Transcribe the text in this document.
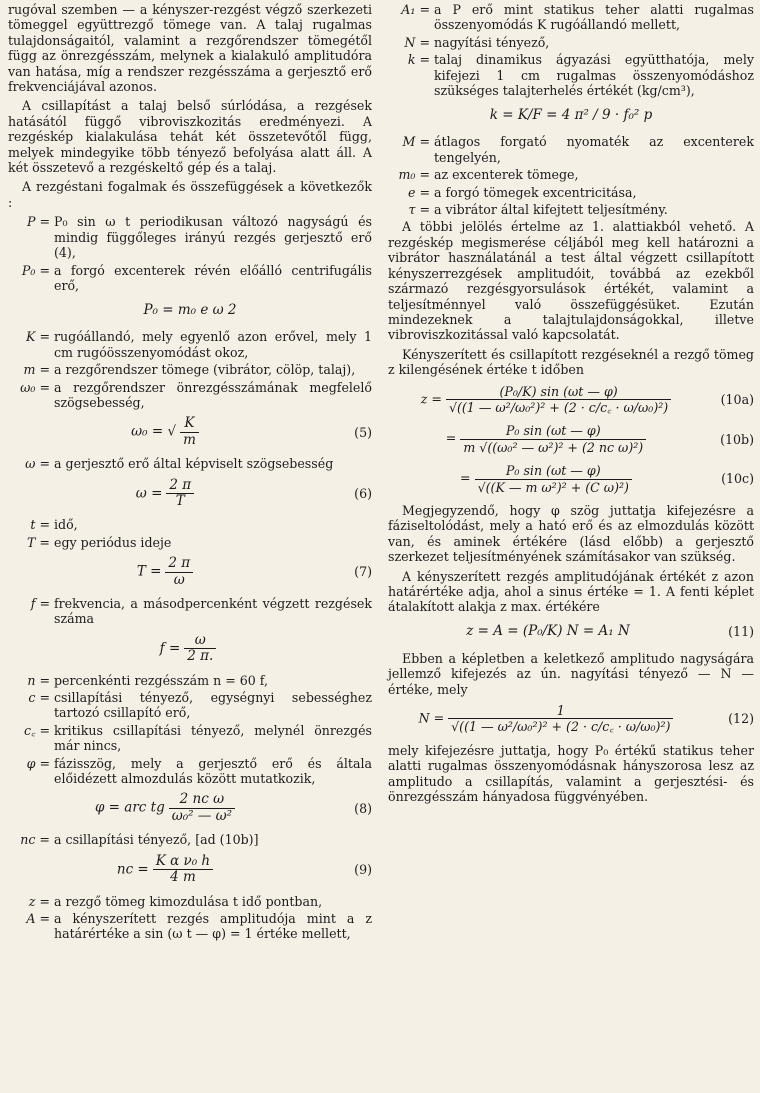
rugóval szemben — a kényszer-rezgést végző szerkezeti tömeggel együttrezgő tömege van. A talaj rugalmas tulajdonságaitól, valamint a rezgőrendszer tömegétől függ az önrezgésszám, melynek a kialakuló amplitudóra van hatása, míg a rendszer rezgésszáma a gerjesztő erő frekvenciájával azonos.

A csillapítást a talaj belső súrlódása, a rezgések hatásától függő vibroviszkozitás eredményezi. A rezgéskép kialakulása tehát két összetevőtől függ, melyek mindegyike több tényező befolyása alatt áll. A két összetevő a rezgéskeltő gép és a talaj.

A rezgéstani fogalmak és összefüggések a következők :

P = P₀ sin ω t periodikusan változó nagyságú és mindig függőleges irányú rezgés gerjesztő erő (4),
P₀ = a forgó excenterek révén előálló centrifugális erő,
P₀ = m₀ e ω 2
K = rugóállandó, mely egyenlő azon erővel, mely 1 cm rugóösszenyomódást okoz,
m = a rezgőrendszer tömege (vibrátor, cölöp, talaj),
ω₀ = a rezgőrendszer önrezgésszámának megfelelő szögsebesség,
ω₀ = √ $\frac{K}{m}$	(5)
ω = a gerjesztő erő által képviselt szögsebesség
$\omega = \frac{2 \pi}{T}$	(6)
t = idő,
T = egy periódus ideje
$T = \frac{2 \pi}{\omega}$	(7)
f = frekvencia, a másodpercenként végzett rezgések száma
$f = \frac{\omega}{2 \pi.}$
n = percenkénti rezgésszám n = 60 f,
c = csillapítási tényező, egységnyi sebességhez tartozó csillapító erő,
c꜀ = kritikus csillapítási tényező, melynél önrezgés már nincs,
φ = fázisszög, mely a gerjesztő erő és általa előidézett almozdulás között mutatkozik,
φ = arc tg $\frac{\text{2 nc ω}}{\text{ω₀² — ω²}}$	(8)
nc = a csillapítási tényező, [ad (10b)]
nc = $\frac{\text{K α ν₀ h}}{4 m}$	(9)
z = a rezgő tömeg kimozdulása t idő pontban,
A = a kényszerített rezgés amplitudója mint a z határértéke a sin (ω t — φ) = 1 értéke mellett,
A₁ = a P erő mint statikus teher alatti rugalmas összenyomódás K rugóállandó mellett,
N = nagyítási tényező,
k = talaj dinamikus ágyazási együtthatója, mely kifejezi 1 cm rugalmas összenyomódáshoz szükséges talajterhelés értékét (kg/cm³),
k = K/F = 4 π² / 9 · f₀² p
M = átlagos forgató nyomaték az excenterek tengelyén,
m₀ = az excenterek tömege,
e = a forgó tömegek excentricitása,
τ = a vibrátor által kifejtett teljesítmény.

A többi jelölés értelme az 1. alattiakból vehető. A rezgéskép megismerése céljából meg kell határozni a vibrátor használatánál a test által végzett csillapított kényszerrezgések amplitudóit, továbbá az ezekből származó rezgésgyorsulások értékét, valamint a teljesítménnyel való összefüggésüket. Ezután mindezeknek a talajtulajdonságokkal, illetve vibroviszkozitással való kapcsolatát.

Kényszerített és csillapított rezgéseknél a rezgő tömeg z kilengésének értéke t időben

$z = \frac{\text{(P₀/K) sin (ωt — φ)}}{\text{√((1 — ω²/ω₀²)² + (2 · c/c꜀ · ω/ω₀)²)}}$	(10a)
= $\frac{\text{P₀ sin (ωt — φ)}}{\text{m √((ω₀² — ω²)² + (2 nc ω)²)}}$	(10b)
= $\frac{\text{P₀ sin (ωt — φ)}}{\text{√((K — m ω²)² + (C ω)²)}}$	(10c)

Megjegyzendő, hogy φ szög juttatja kifejezésre a fáziseltolódást, mely a ható erő és az elmozdulás között van, és aminek értékére (lásd előbb) a gerjesztő szerkezet teljesítményének számításakor van szükség.

A kényszerített rezgés amplitudójának értékét z azon határértéke adja, ahol a sinus értéke = 1. A fenti képlet átalakított alakja z max. értékére

z = A = (P₀/K) N = A₁ N	(11)

Ebben a képletben a keletkező amplitudo nagyságára jellemző kifejezés az ún. nagyítási tényező — N — értéke, mely

$N = \frac{1}{\text{√((1 — ω²/ω₀²)² + (2 · c/c꜀ · ω/ω₀)²)}}$	(12)

mely kifejezésre juttatja, hogy P₀ értékű statikus teher alatti rugalmas összenyomódásnak hányszorosa lesz az amplitudo a csillapítás, valamint a gerjesztési- és önrezgésszám hányadosa függvényében.
